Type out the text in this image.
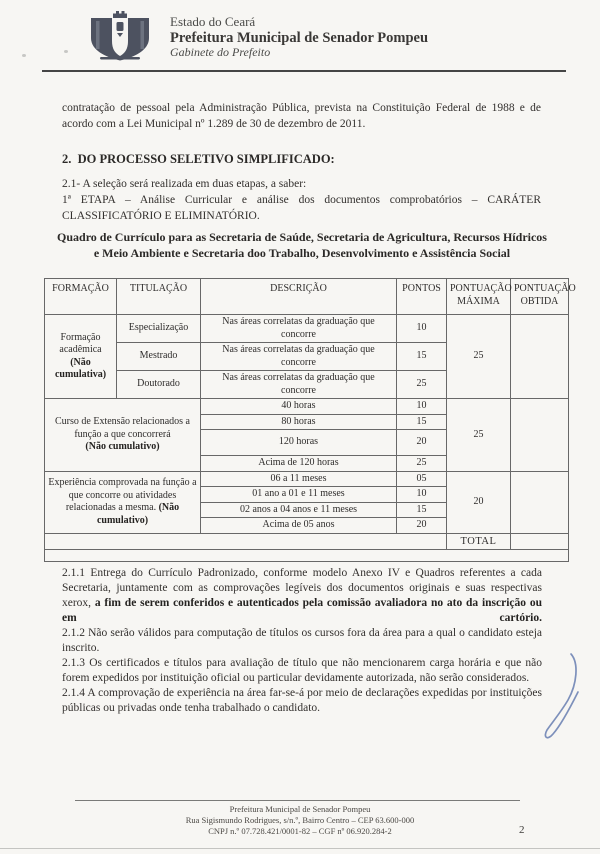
Estado do Ceará
Prefeitura Municipal de Senador Pompeu
Gabinete do Prefeito

contratação de pessoal pela Administração Pública, prevista na Constituição Federal de 1988 e de acordo com a Lei Municipal nº 1.289 de 30 de dezembro de 2011.

2.  DO PROCESSO SELETIVO SIMPLIFICADO:

2.1- A seleção será realizada em duas etapas, a saber:

1ª ETAPA – Análise Curricular e análise dos documentos comprobatórios – CARÁTER CLASSIFICATÓRIO E ELIMINATÓRIO.

Quadro de Currículo para as Secretaria de Saúde, Secretaria de Agricultura, Recursos Hídricos e Meio Ambiente e Secretaria doo Trabalho, Desenvolvimento e Assistência Social
FORMAÇÃO	TITULAÇÃO	DESCRIÇÃO	PONTOS	PONTUAÇÃO MÁXIMA	PONTUAÇÃO OBTIDA
Formação acadêmica
(Não cumulativa)	Especialização	Nas áreas correlatas da graduação que concorre	10	25	
	Mestrado	Nas áreas correlatas da graduação que concorre	15		
	Doutorado	Nas áreas correlatas da graduação que concorre	25		
Curso de Extensão relacionados a função a que concorrerá
(Não cumulativo)		40 horas	10	25	
		80 horas	15		
		120 horas	20		
		Acima de 120 horas	25		
Experiência comprovada na função a que concorre ou atividades relacionadas a mesma. (Não cumulativo)		06 a 11 meses	05	20	
		01 ano a 01 e 11 meses	10		
		02 anos a 04 anos e 11 meses	15		
		Acima de 05 anos	20		
				TOTAL	

2.1.1 Entrega do Currículo Padronizado, conforme modelo Anexo IV e Quadros referentes a cada Secretaria, juntamente com as comprovações legíveis dos documentos originais e suas respectivas xerox, a fim de serem conferidos e autenticados pela comissão avaliadora no ato da inscrição ou em cartório.

2.1.2 Não serão válidos para computação de títulos os cursos fora da área para a qual o candidato esteja inscrito.

2.1.3 Os certificados e títulos para avaliação de título que não mencionarem carga horária e que não forem expedidos por instituição oficial ou particular devidamente autorizada, não serão considerados.

2.1.4 A comprovação de experiência na área far-se-á por meio de declarações expedidas por instituições públicas ou privadas onde tenha trabalhado o candidato.

Prefeitura Municipal de Senador Pompeu
Rua Sigismundo Rodrigues, s/n.º, Bairro Centro – CEP 63.600-000
CNPJ n.º 07.728.421/0001-82 – CGF nº 06.920.284-2	2
